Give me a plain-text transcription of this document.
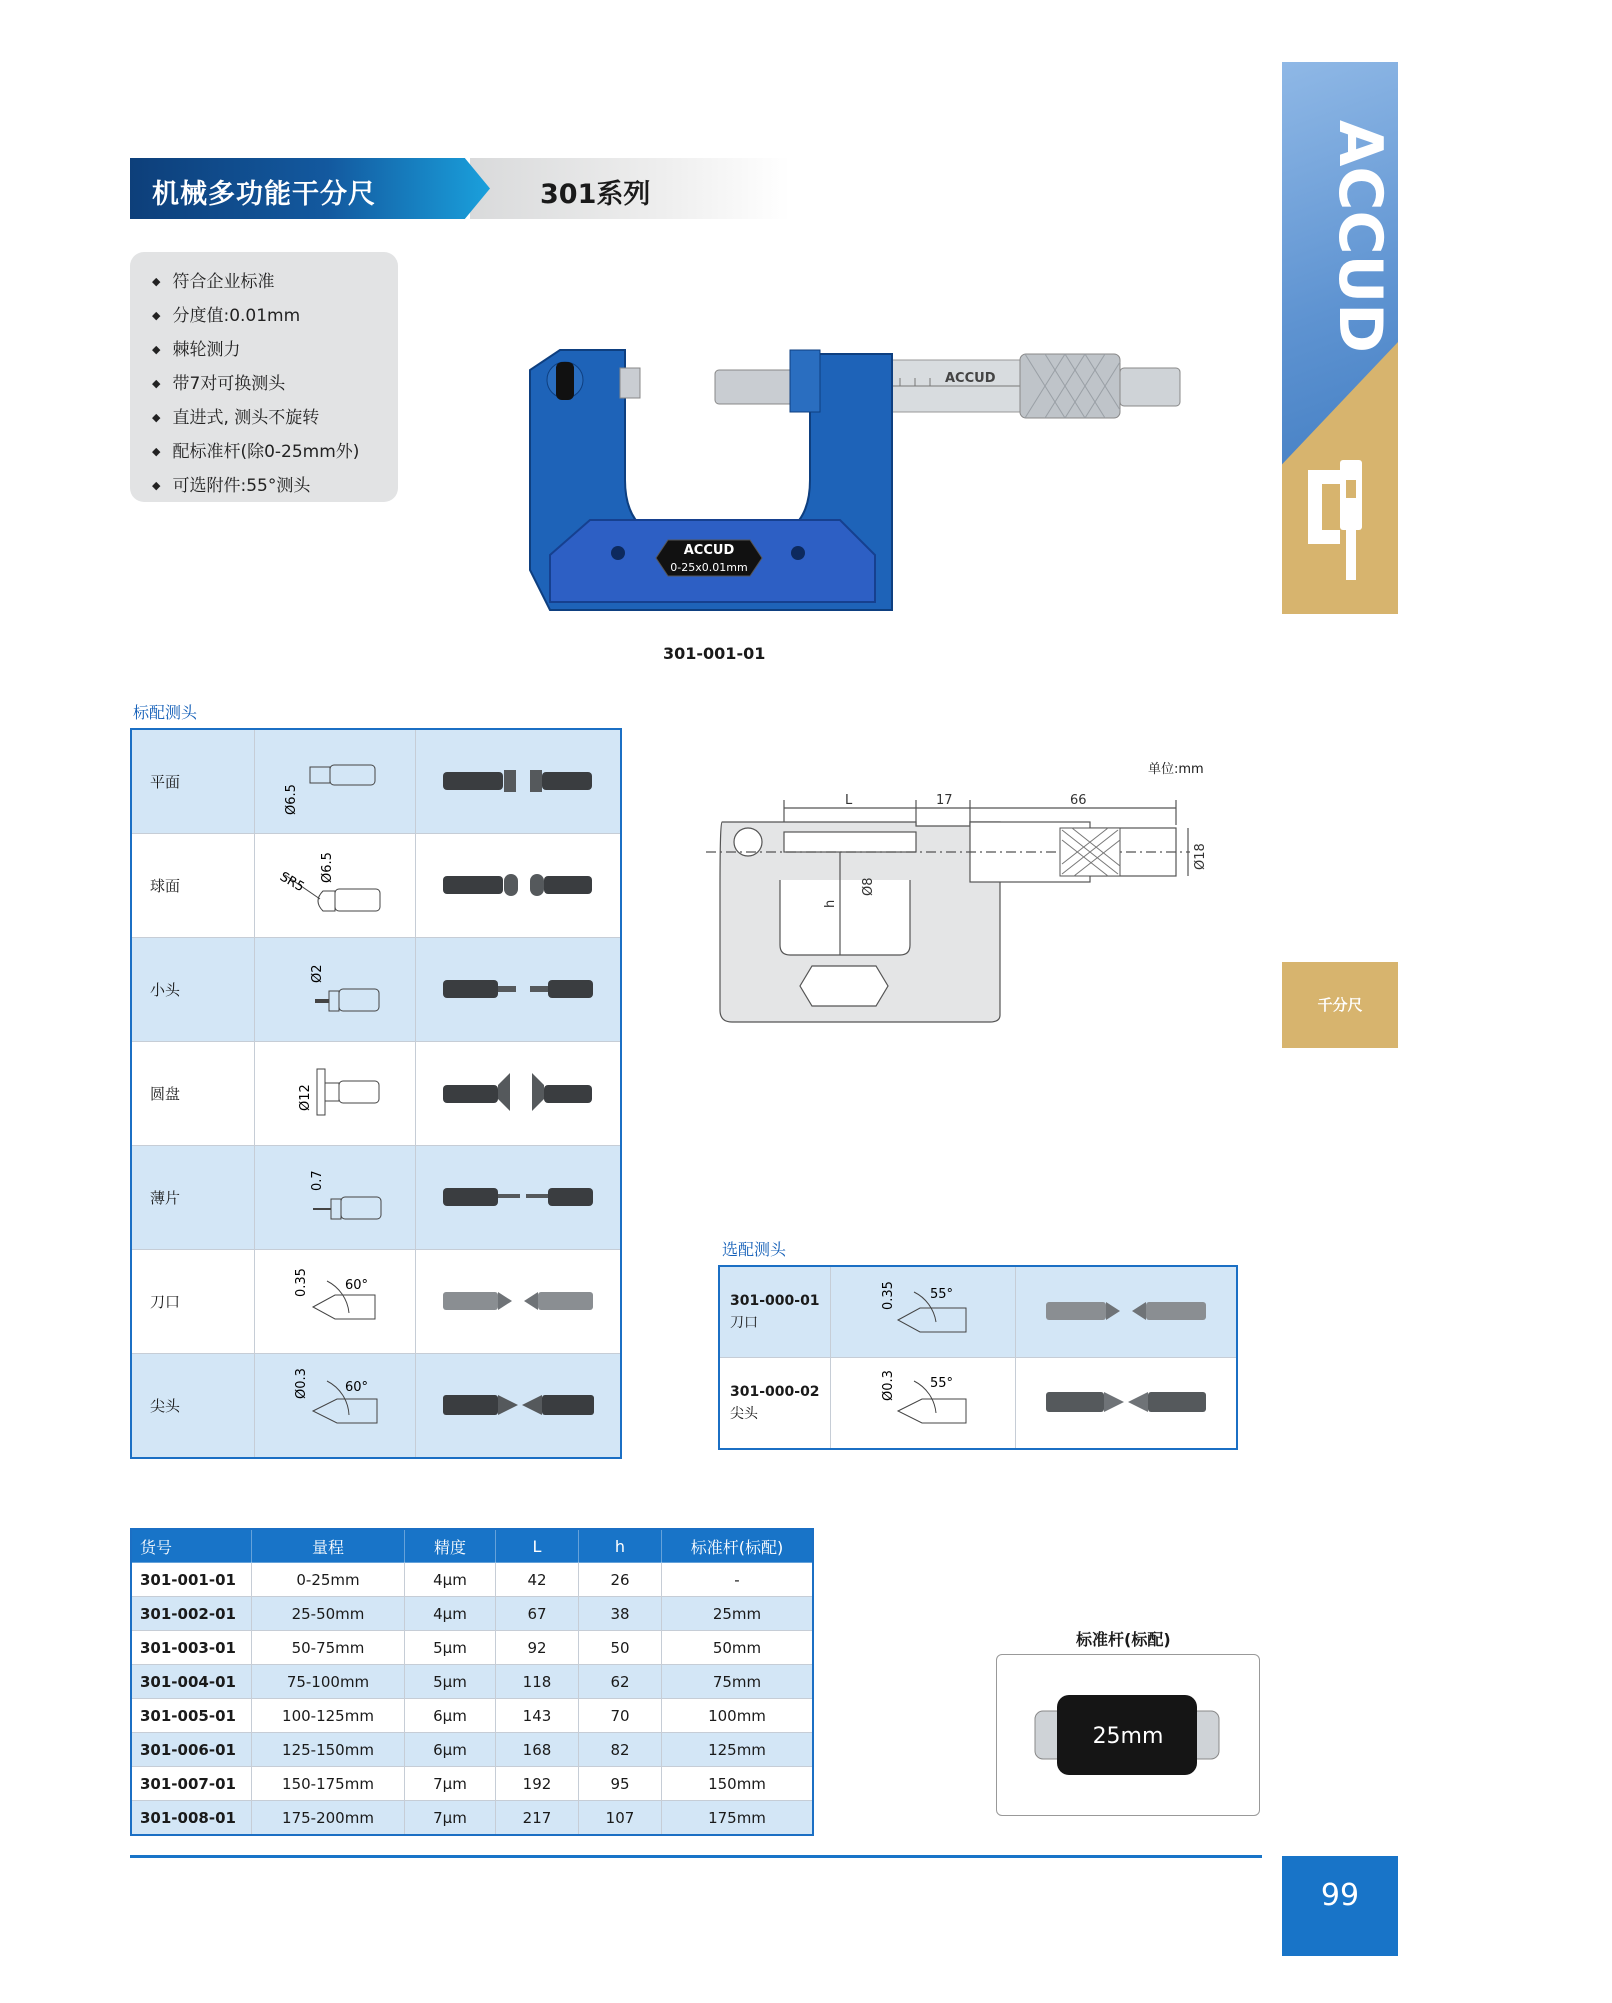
机械多功能干分尺	301系列
◆ 符合企业标准
◆ 分度值:0.01mm
◆ 棘轮测力
◆ 带7对可换测头
◆ 直进式, 测头不旋转
◆ 配标准杆(除0-25mm外)
◆ 可选附件:55°测头
ACCUD
ACCUD
0-25x0.01mm
301-001-01
ACCUD
千分尺
99
标配测头
平面	Ø6.5

球面	SR5 Ø6.5

小头	Ø2

圆盘	Ø12

薄片	0.7

刀口	0.35 60°

尖头	Ø0.3 60°

单位:mm
L	17	66
h
Ø8
Ø18
选配测头
301-000-01
刀口	0.35 55°

301-000-02
尖头	Ø0.3 55°

货号	量程	精度	L	h	标准杆(标配)
301-001-01	0-25mm	4μm	42	26	-
301-002-01	25-50mm	4μm	67	38	25mm
301-003-01	50-75mm	5μm	92	50	50mm
301-004-01	75-100mm	5μm	118	62	75mm
301-005-01	100-125mm	6μm	143	70	100mm
301-006-01	125-150mm	6μm	168	82	125mm
301-007-01	150-175mm	7μm	192	95	150mm
301-008-01	175-200mm	7μm	217	107	175mm
标准杆(标配)
25mm
